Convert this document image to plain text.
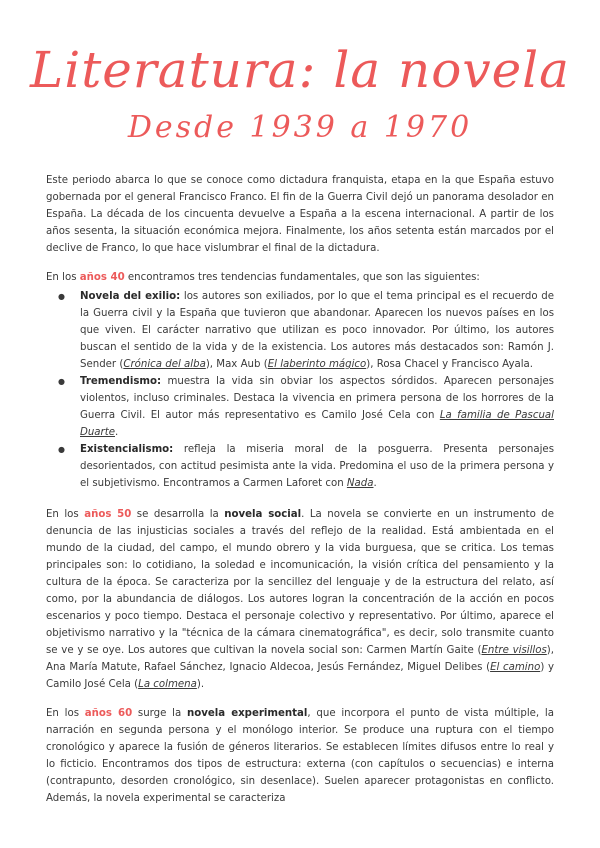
Literatura: la novela
Desde 1939 a 1970

Este periodo abarca lo que se conoce como dictadura franquista, etapa en la que España estuvo gobernada por el general Francisco Franco. El fin de la Guerra Civil dejó un panorama desolador en España. La década de los cincuenta devuelve a España a la escena internacional. A partir de los años sesenta, la situación económica mejora. Finalmente, los años setenta están marcados por el declive de Franco, lo que hace vislumbrar el final de la dictadura.

En los años 40 encontramos tres tendencias fundamentales, que son las siguientes:

● Novela del exilio: los autores son exiliados, por lo que el tema principal es el recuerdo de la Guerra civil y la España que tuvieron que abandonar. Aparecen los nuevos países en los que viven. El carácter narrativo que utilizan es poco innovador. Por último, los autores buscan el sentido de la vida y de la existencia. Los autores más destacados son: Ramón J. Sender (Crónica del alba), Max Aub (El laberinto mágico), Rosa Chacel y Francisco Ayala.
● Tremendismo: muestra la vida sin obviar los aspectos sórdidos. Aparecen personajes violentos, incluso criminales. Destaca la vivencia en primera persona de los horrores de la Guerra Civil. El autor más representativo es Camilo José Cela con La familia de Pascual Duarte.
● Existencialismo: refleja la miseria moral de la posguerra. Presenta personajes desorientados, con actitud pesimista ante la vida. Predomina el uso de la primera persona y el subjetivismo. Encontramos a Carmen Laforet con Nada.

En los años 50 se desarrolla la novela social. La novela se convierte en un instrumento de denuncia de las injusticias sociales a través del reflejo de la realidad. Está ambientada en el mundo de la ciudad, del campo, el mundo obrero y la vida burguesa, que se critica. Los temas principales son: lo cotidiano, la soledad e incomunicación, la visión crítica del pensamiento y la cultura de la época. Se caracteriza por la sencillez del lenguaje y de la estructura del relato, así como, por la abundancia de diálogos. Los autores logran la concentración de la acción en pocos escenarios y poco tiempo. Destaca el personaje colectivo y representativo. Por último, aparece el objetivismo narrativo y la "técnica de la cámara cinematográfica", es decir, solo transmite cuanto se ve y se oye. Los autores que cultivan la novela social son: Carmen Martín Gaite (Entre visillos), Ana María Matute, Rafael Sánchez, Ignacio Aldecoa, Jesús Fernández, Miguel Delibes (El camino) y Camilo José Cela (La colmena).

En los años 60 surge la novela experimental, que incorpora el punto de vista múltiple, la narración en segunda persona y el monólogo interior. Se produce una ruptura con el tiempo cronológico y aparece la fusión de géneros literarios. Se establecen límites difusos entre lo real y lo ficticio. Encontramos dos tipos de estructura: externa (con capítulos o secuencias) e interna (contrapunto, desorden cronológico, sin desenlace). Suelen aparecer protagonistas en conflicto. Además, la novela experimental se caracteriza
